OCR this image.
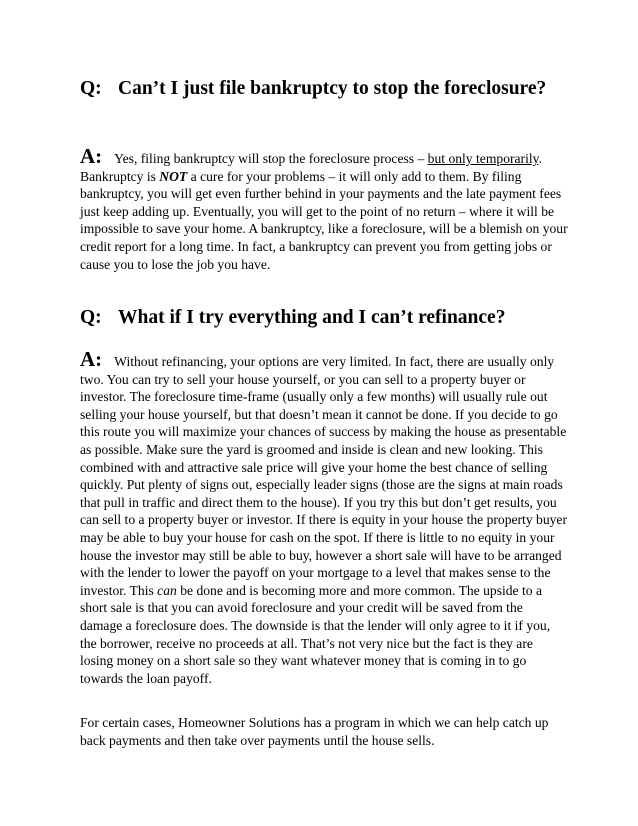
Q: Can’t I just file bankruptcy to stop the foreclosure?

A: Yes, filing bankruptcy will stop the foreclosure process – but only temporarily. Bankruptcy is NOT a cure for your problems – it will only add to them. By filing bankruptcy, you will get even further behind in your payments and the late payment fees just keep adding up. Eventually, you will get to the point of no return – where it will be impossible to save your home. A bankruptcy, like a foreclosure, will be a blemish on your credit report for a long time. In fact, a bankruptcy can prevent you from getting jobs or cause you to lose the job you have.

Q: What if I try everything and I can’t refinance?

A: Without refinancing, your options are very limited. In fact, there are usually only two. You can try to sell your house yourself, or you can sell to a property buyer or investor. The foreclosure time-frame (usually only a few months) will usually rule out selling your house yourself, but that doesn’t mean it cannot be done. If you decide to go this route you will maximize your chances of success by making the house as presentable as possible. Make sure the yard is groomed and inside is clean and new looking. This combined with and attractive sale price will give your home the best chance of selling quickly. Put plenty of signs out, especially leader signs (those are the signs at main roads that pull in traffic and direct them to the house). If you try this but don’t get results, you can sell to a property buyer or investor. If there is equity in your house the property buyer may be able to buy your house for cash on the spot. If there is little to no equity in your house the investor may still be able to buy, however a short sale will have to be arranged with the lender to lower the payoff on your mortgage to a level that makes sense to the investor. This can be done and is becoming more and more common. The upside to a short sale is that you can avoid foreclosure and your credit will be saved from the damage a foreclosure does. The downside is that the lender will only agree to it if you, the borrower, receive no proceeds at all. That’s not very nice but the fact is they are losing money on a short sale so they want whatever money that is coming in to go towards the loan payoff.

For certain cases, Homeowner Solutions has a program in which we can help catch up back payments and then take over payments until the house sells.
